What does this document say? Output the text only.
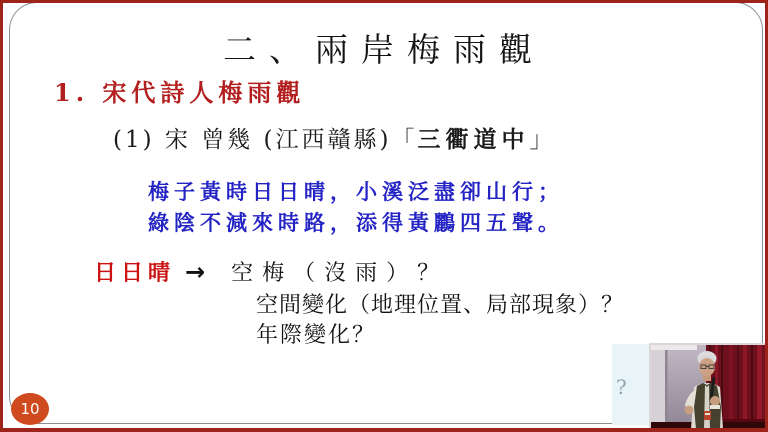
二、兩岸梅雨觀
1. 宋代詩人梅雨觀
(1) 宋 曾幾 (江西贛縣)「三衢道中」
梅子黃時日日晴，小溪泛盡卻山行；
綠陰不減來時路，添得黃鸝四五聲。
日日晴 → 空梅（沒雨）？
空間變化（地理位置、局部現象）？
年際變化？
10
?
